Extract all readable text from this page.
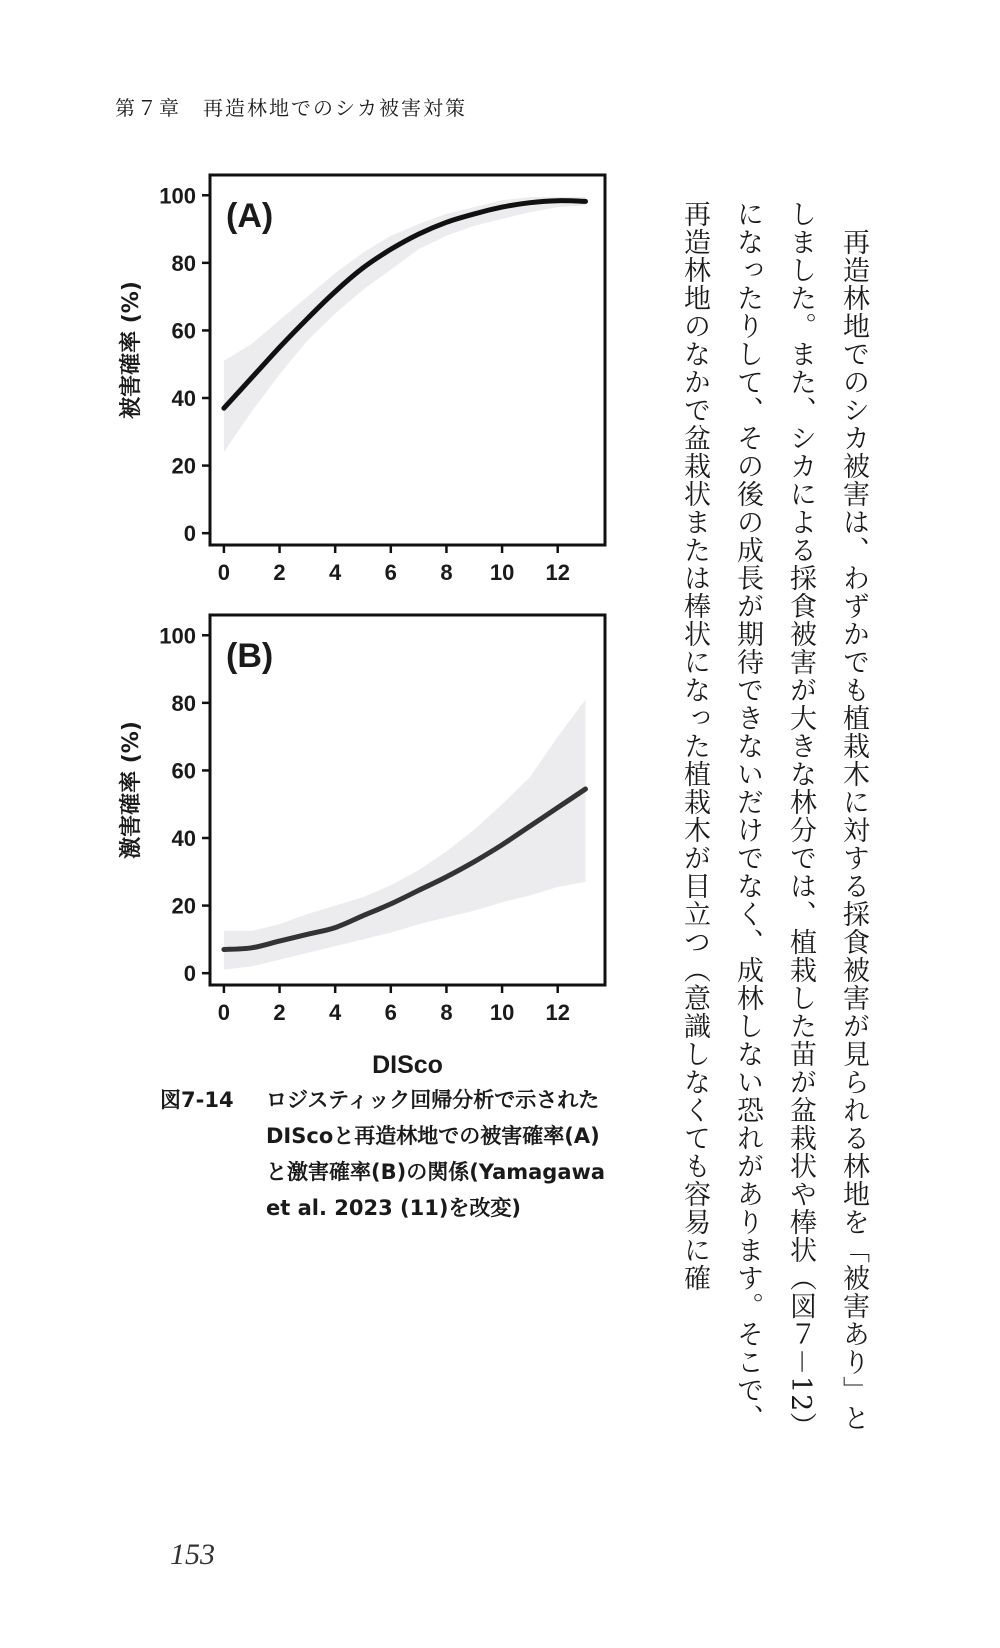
第７章　再造林地でのシカ被害対策
0
20
40
60
80
100
0 2 4 6 8 10 12
(A)
被害確率 (%)
0
20
40
60
80
100
0 2 4 6 8 10 12
(B)
激害確率 (%)
DISco
図7-14 ロジスティック回帰分析で示されたDIScoと再造林地での被害確率(A)と激害確率(B)の関係(Yamagawa et al. 2023 (11)を改変)	　再造林地でのシカ被害は、わずかでも植栽木に対する採食被害が見られる林地を「被害あり」としました。また、シカによる採食被害が大きな林分では、植栽した苗が盆栽状や棒状（図７－12）になったりして、その後の成長が期待できないだけでなく、成林しない恐れがあります。そこで、再造林地のなかで盆栽状または棒状になった植栽木が目立つ（意識しなくても容易に確

153
